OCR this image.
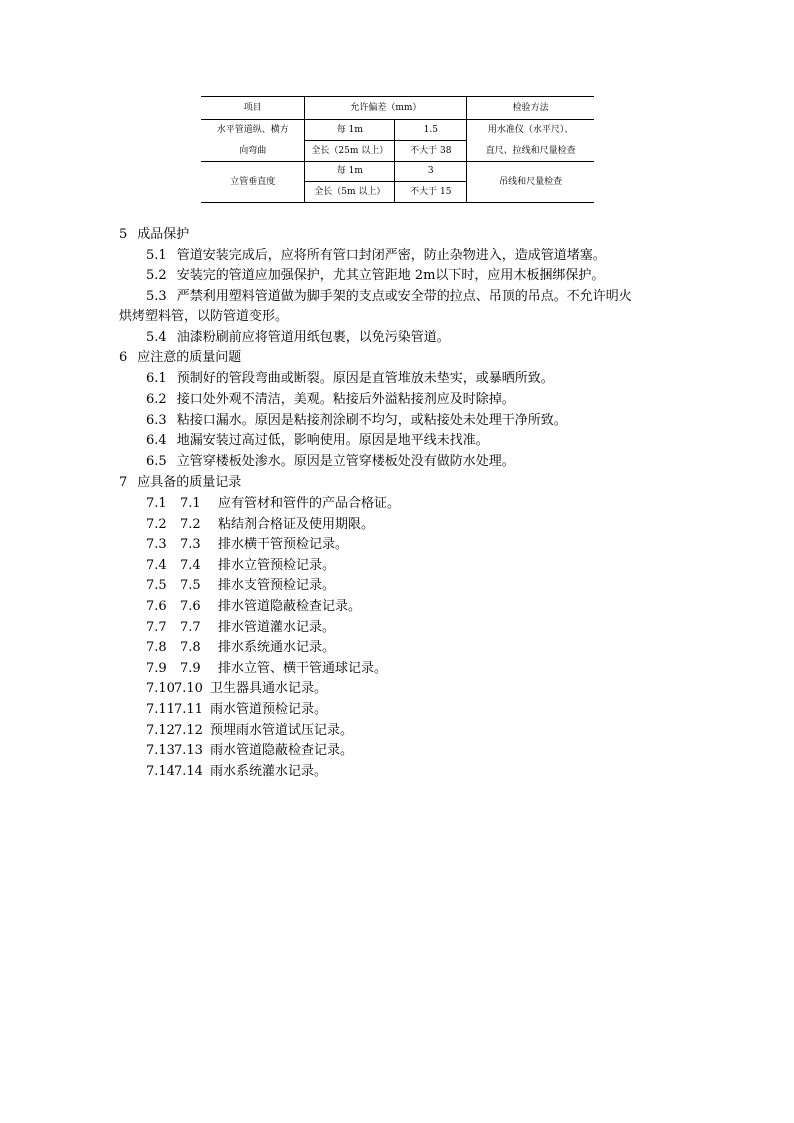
项目	允许偏差（mm）		检验方法

水平管道纵、横方
向弯曲	每 1m	1.5	用水准仪（水平尺）、
直尺、拉线和尺量检查

	全长（25m 以上）	不大于 38	
立管垂直度	每 1m	3	吊线和尺量检查
	全长（5m 以上）	不大于 15	
5 成品保护
5.1 管道安装完成后，应将所有管口封闭严密，防止杂物进入，造成管道堵塞。
5.2 安装完的管道应加强保护，尤其立管距地 2m以下时，应用木板捆绑保护。
5.3 严禁利用塑料管道做为脚手架的支点或安全带的拉点、吊顶的吊点。不允许明火
烘烤塑料管，以防管道变形。
5.4 油漆粉刷前应将管道用纸包裹，以免污染管道。
6 应注意的质量问题
6.1 预制好的管段弯曲或断裂。原因是直管堆放未垫实，或暴晒所致。
6.2 接口处外观不清洁，美观。粘接后外溢粘接剂应及时除掉。
6.3 粘接口漏水。原因是粘接剂涂刷不均匀，或粘接处未处理干净所致。
6.4 地漏安装过高过低，影响使用。原因是地平线未找准。
6.5 立管穿楼板处渗水。原因是立管穿楼板处没有做防水处理。
7 应具备的质量记录
7.1 7.1 应有管材和管件的产品合格证。
7.2 7.2 粘结剂合格证及使用期限。
7.3 7.3 排水横干管预检记录。
7.4 7.4 排水立管预检记录。
7.5 7.5 排水支管预检记录。
7.6 7.6 排水管道隐蔽检查记录。
7.7 7.7 排水管道灌水记录。
7.8 7.8 排水系统通水记录。
7.9 7.9 排水立管、横干管通球记录。
7.107.10 卫生器具通水记录。
7.117.11 雨水管道预检记录。
7.127.12 预埋雨水管道试压记录。
7.137.13 雨水管道隐蔽检查记录。
7.147.14 雨水系统灌水记录。
